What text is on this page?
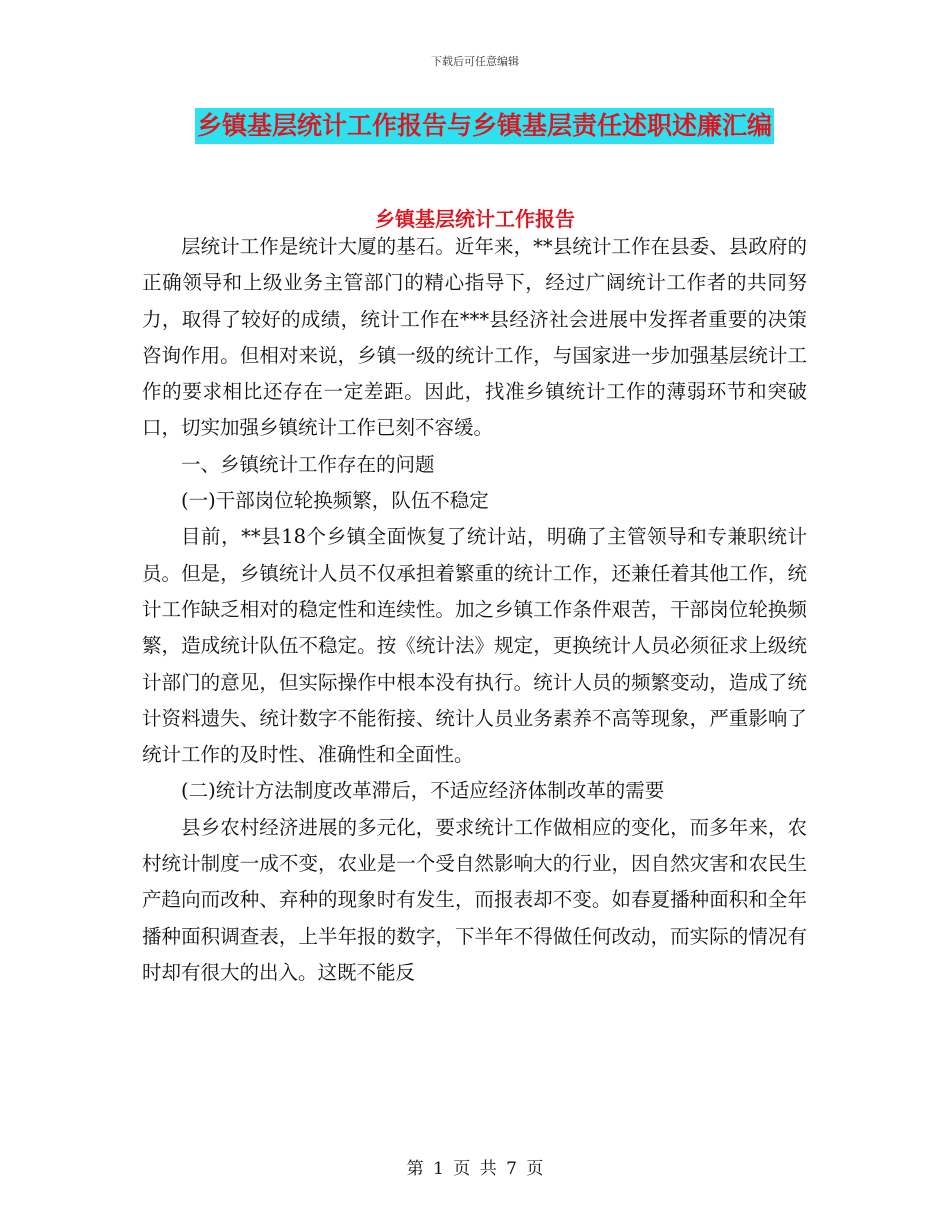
下载后可任意编辑
乡镇基层统计工作报告与乡镇基层责任述职述廉汇编
乡镇基层统计工作报告

层统计工作是统计大厦的基石。近年来，**县统计工作在县委、县政府的正确领导和上级业务主管部门的精心指导下，经过广阔统计工作者的共同努力，取得了较好的成绩，统计工作在***县经济社会进展中发挥者重要的决策咨询作用。但相对来说，乡镇一级的统计工作，与国家进一步加强基层统计工作的要求相比还存在一定差距。因此，找准乡镇统计工作的薄弱环节和突破口，切实加强乡镇统计工作已刻不容缓。

一、乡镇统计工作存在的问题

(一)干部岗位轮换频繁，队伍不稳定

目前，**县18个乡镇全面恢复了统计站，明确了主管领导和专兼职统计员。但是，乡镇统计人员不仅承担着繁重的统计工作，还兼任着其他工作，统计工作缺乏相对的稳定性和连续性。加之乡镇工作条件艰苦，干部岗位轮换频繁，造成统计队伍不稳定。按《统计法》规定，更换统计人员必须征求上级统计部门的意见，但实际操作中根本没有执行。统计人员的频繁变动，造成了统计资料遗失、统计数字不能衔接、统计人员业务素养不高等现象，严重影响了统计工作的及时性、准确性和全面性。

(二)统计方法制度改革滞后，不适应经济体制改革的需要

县乡农村经济进展的多元化，要求统计工作做相应的变化，而多年来，农村统计制度一成不变，农业是一个受自然影响大的行业，因自然灾害和农民生产趋向而改种、弃种的现象时有发生，而报表却不变。如春夏播种面积和全年播种面积调查表，上半年报的数字，下半年不得做任何改动，而实际的情况有时却有很大的出入。这既不能反

第 1 页 共 7 页
